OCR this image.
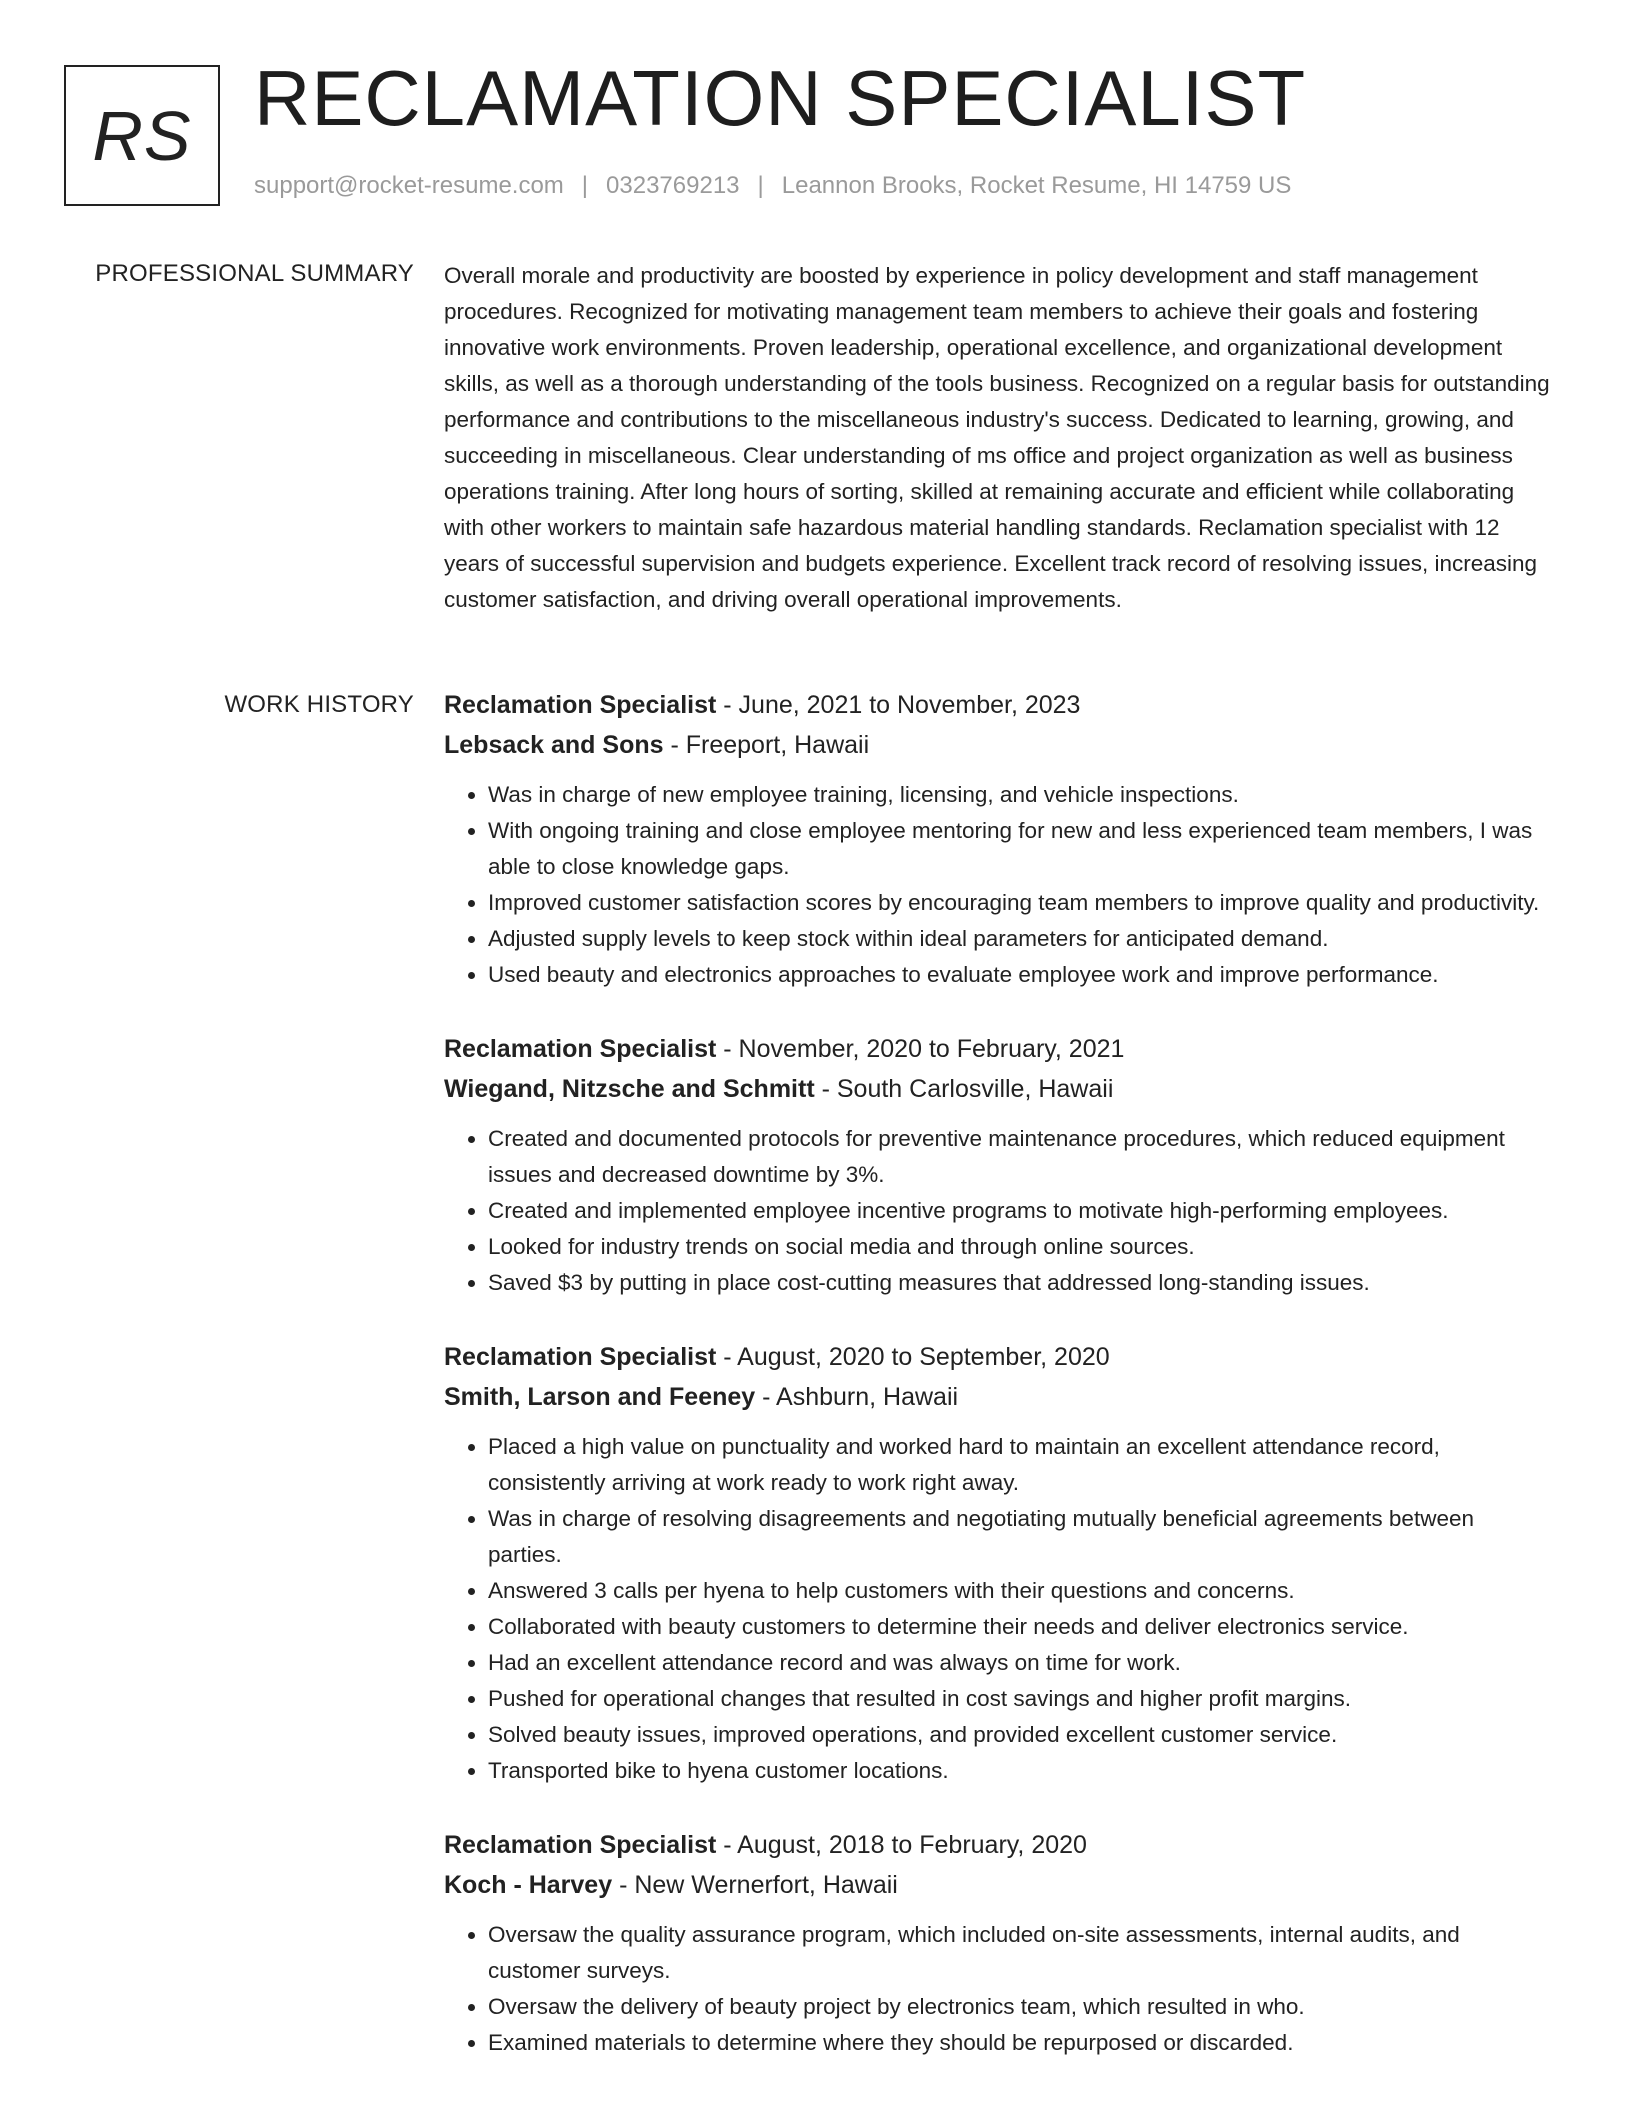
RS RECLAMATION SPECIALIST
support@rocket-resume.com | 0323769213 | Leannon Brooks, Rocket Resume, HI 14759 US
PROFESSIONAL SUMMARY Overall morale and productivity are boosted by experience in policy development and staff management procedures. Recognized for motivating management team members to achieve their goals and fostering innovative work environments. Proven leadership, operational excellence, and organizational development skills, as well as a thorough understanding of the tools business. Recognized on a regular basis for outstanding performance and contributions to the miscellaneous industry's success. Dedicated to learning, growing, and succeeding in miscellaneous. Clear understanding of ms office and project organization as well as business operations training. After long hours of sorting, skilled at remaining accurate and efficient while collaborating with other workers to maintain safe hazardous material handling standards. Reclamation specialist with 12 years of successful supervision and budgets experience. Excellent track record of resolving issues, increasing customer satisfaction, and driving overall operational improvements.

WORK HISTORY Reclamation Specialist - June, 2021 to November, 2023
Lebsack and Sons - Freeport, Hawaii
• Was in charge of new employee training, licensing, and vehicle inspections.
• With ongoing training and close employee mentoring for new and less experienced team members, I was able to close knowledge gaps.
• Improved customer satisfaction scores by encouraging team members to improve quality and productivity.
• Adjusted supply levels to keep stock within ideal parameters for anticipated demand.
• Used beauty and electronics approaches to evaluate employee work and improve performance.
Reclamation Specialist - November, 2020 to February, 2021
Wiegand, Nitzsche and Schmitt - South Carlosville, Hawaii
• Created and documented protocols for preventive maintenance procedures, which reduced equipment issues and decreased downtime by 3%.
• Created and implemented employee incentive programs to motivate high-performing employees.
• Looked for industry trends on social media and through online sources.
• Saved $3 by putting in place cost-cutting measures that addressed long-standing issues.
Reclamation Specialist - August, 2020 to September, 2020
Smith, Larson and Feeney - Ashburn, Hawaii
• Placed a high value on punctuality and worked hard to maintain an excellent attendance record, consistently arriving at work ready to work right away.
• Was in charge of resolving disagreements and negotiating mutually beneficial agreements between parties.
• Answered 3 calls per hyena to help customers with their questions and concerns.
• Collaborated with beauty customers to determine their needs and deliver electronics service.
• Had an excellent attendance record and was always on time for work.
• Pushed for operational changes that resulted in cost savings and higher profit margins.
• Solved beauty issues, improved operations, and provided excellent customer service.
• Transported bike to hyena customer locations.
Reclamation Specialist - August, 2018 to February, 2020
Koch - Harvey - New Wernerfort, Hawaii
• Oversaw the quality assurance program, which included on-site assessments, internal audits, and customer surveys.
• Oversaw the delivery of beauty project by electronics team, which resulted in who.
• Examined materials to determine where they should be repurposed or discarded.
